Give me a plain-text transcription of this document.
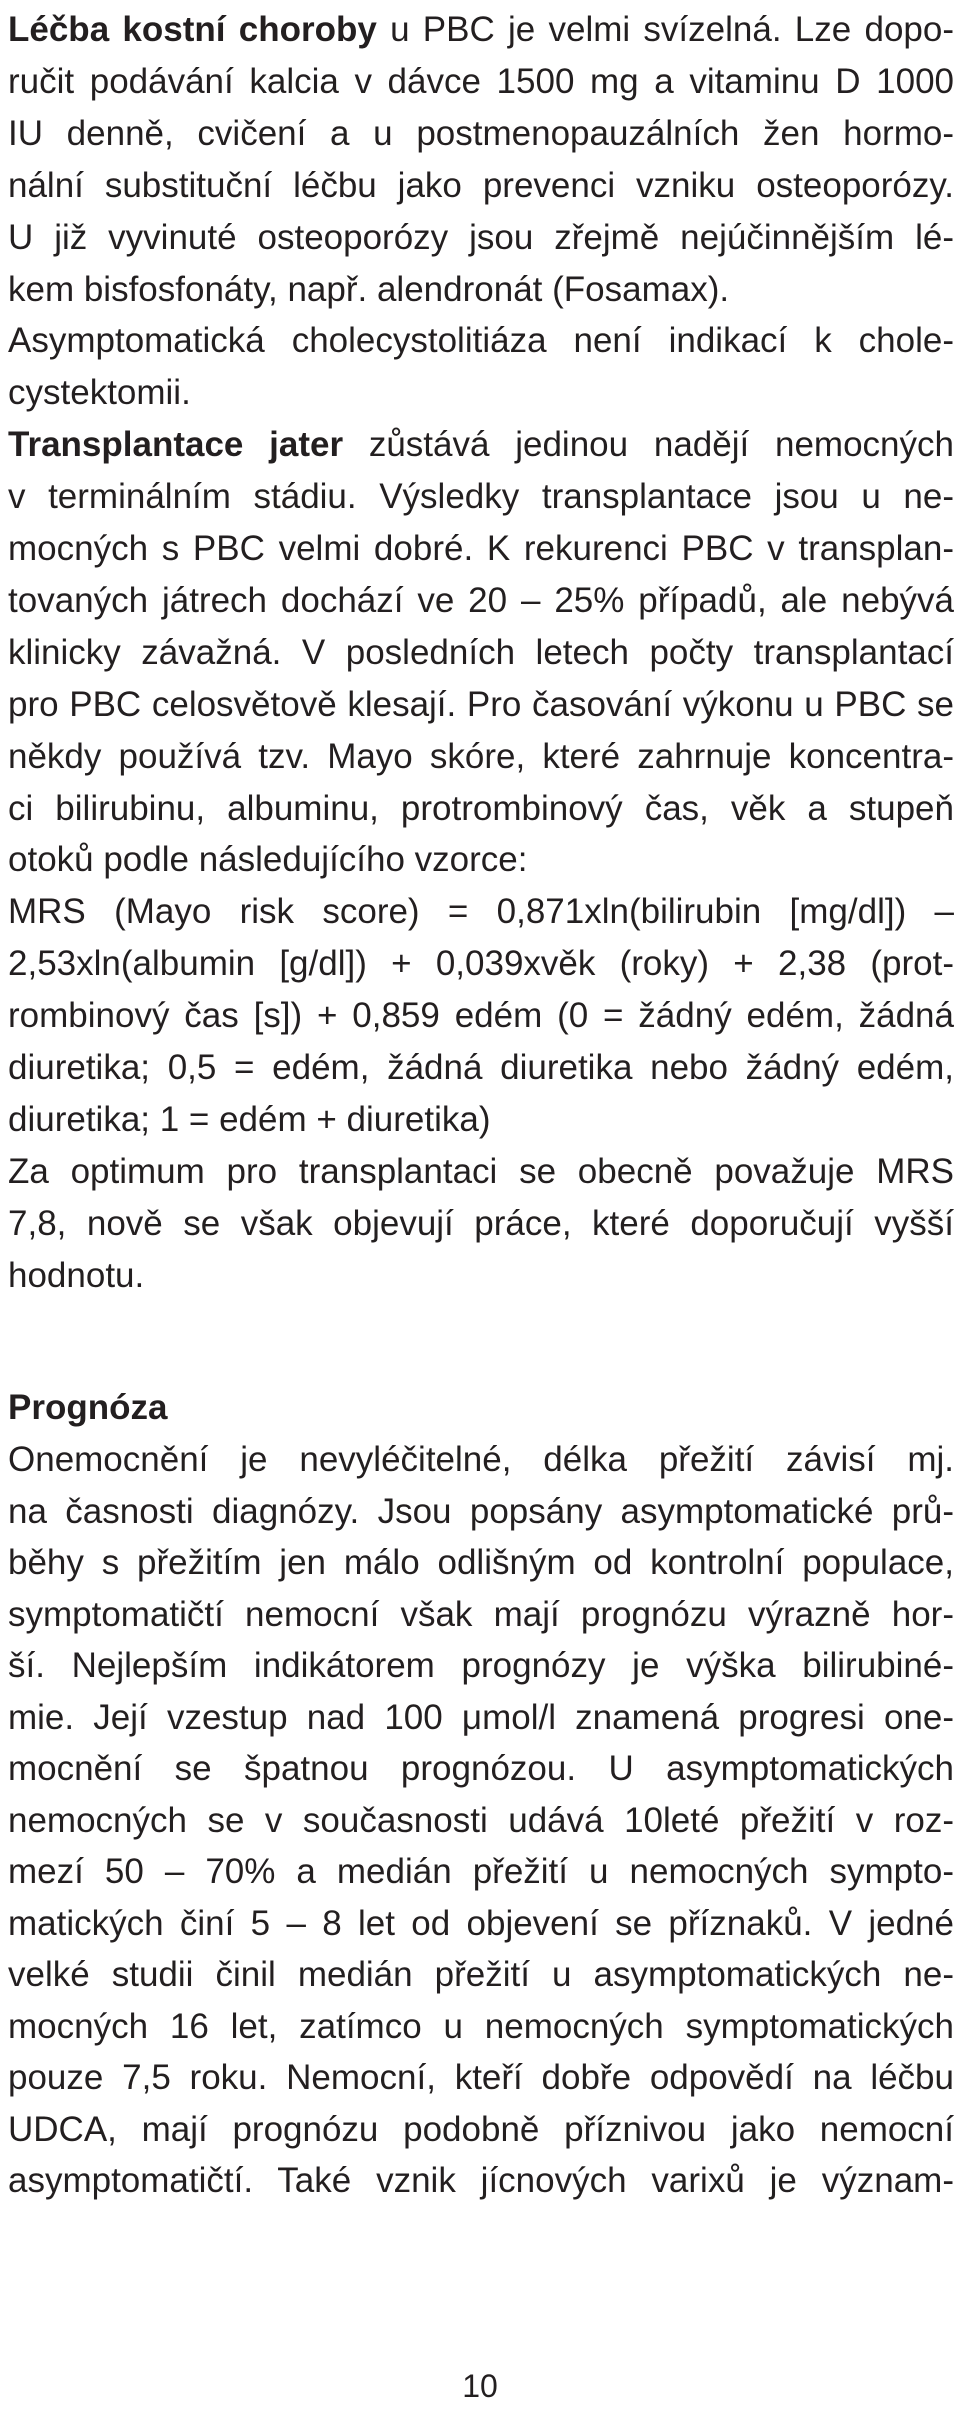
Léčba kostní choroby u PBC je velmi svízelná. Lze dopo-
ručit podávání kalcia v dávce 1500 mg a vitaminu D 1000
IU denně, cvičení a u postmenopauzálních žen hormo-
nální substituční léčbu jako prevenci vzniku osteoporózy.
U již vyvinuté osteoporózy jsou zřejmě nejúčinnějším lé-
kem bisfosfonáty, např. alendronát (Fosamax).
Asymptomatická cholecystolitiáza není indikací k chole-
cystektomii.
Transplantace jater zůstává jedinou nadějí nemocných
v terminálním stádiu. Výsledky transplantace jsou u ne-
mocných s PBC velmi dobré. K rekurenci PBC v transplan-
tovaných játrech dochází ve 20 – 25% případů, ale nebývá
klinicky závažná. V posledních letech počty transplantací
pro PBC celosvětově klesají. Pro časování výkonu u PBC se
někdy používá tzv. Mayo skóre, které zahrnuje koncentra-
ci bilirubinu, albuminu, protrombinový čas, věk a stupeň
otoků podle následujícího vzorce:
MRS (Mayo risk score) = 0,871xln(bilirubin [mg/dl]) –
2,53xln(albumin [g/dl]) + 0,039xvěk (roky) + 2,38 (prot-
rombinový čas [s]) + 0,859 edém (0 = žádný edém, žádná
diuretika; 0,5 = edém, žádná diuretika nebo žádný edém,
diuretika; 1 = edém + diuretika)
Za optimum pro transplantaci se obecně považuje MRS
7,8, nově se však objevují práce, které doporučují vyšší
hodnotu.
Prognóza
Onemocnění je nevyléčitelné, délka přežití závisí mj.
na časnosti diagnózy. Jsou popsány asymptomatické prů-
běhy s přežitím jen málo odlišným od kontrolní populace,
symptomatičtí nemocní však mají prognózu výrazně hor-
ší. Nejlepším indikátorem prognózy je výška bilirubiné-
mie. Její vzestup nad 100 μmol/l znamená progresi one-
mocnění se špatnou prognózou. U asymptomatických
nemocných se v současnosti udává 10leté přežití v roz-
mezí 50 – 70% a medián přežití u nemocných sympto-
matických činí 5 – 8 let od objevení se příznaků. V jedné
velké studii činil medián přežití u asymptomatických ne-
mocných 16 let, zatímco u nemocných symptomatických
pouze 7,5 roku. Nemocní, kteří dobře odpovědí na léčbu
UDCA, mají prognózu podobně příznivou jako nemocní
asymptomatičtí. Také vznik jícnových varixů je význam-
10
